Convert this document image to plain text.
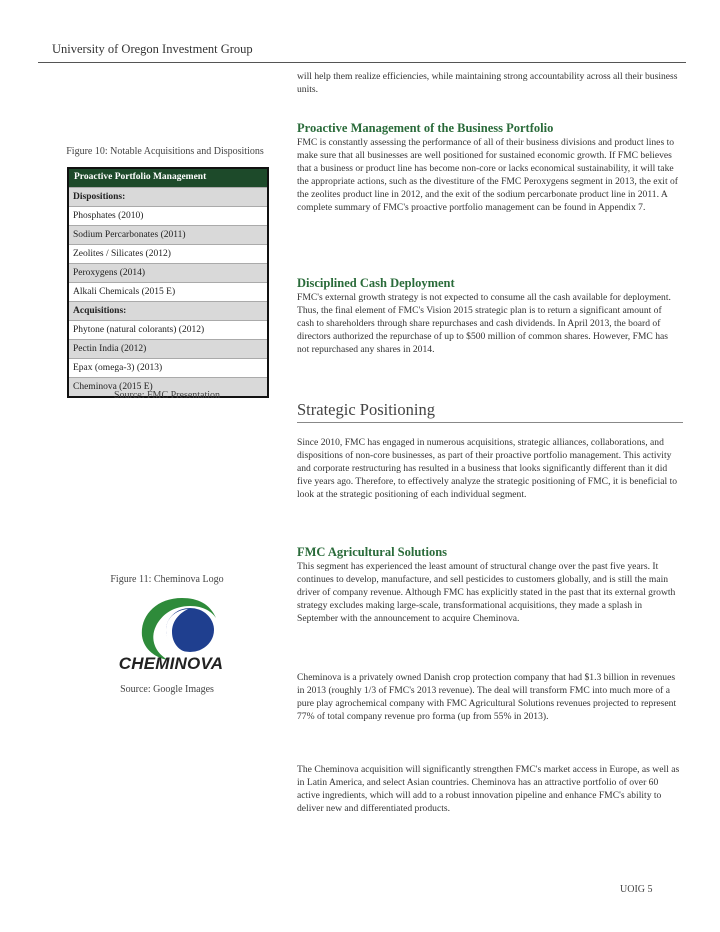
University of Oregon Investment Group
Figure 10: Notable Acquisitions and Dispositions
Proactive Portfolio Management
Dispositions:
Phosphates (2010)
Sodium Percarbonates (2011)
Zeolites / Silicates (2012)
Peroxygens (2014)
Alkali Chemicals (2015 E)
Acquisitions:
Phytone (natural colorants) (2012)
Pectin India (2012)
Epax (omega-3) (2013)
Cheminova (2015 E)
Source: FMC Presentation
Figure 11: Cheminova Logo
CHEMINOVA
Source: Google Images

will help them realize efficiencies, while maintaining strong accountability across all their business units.

Proactive Management of the Business Portfolio

FMC is constantly assessing the performance of all of their business divisions and product lines to make sure that all businesses are well positioned for sustained economic growth. If FMC believes that a business or product line has become non-core or lacks economical sustainability, it will take the appropriate actions, such as the divestiture of the FMC Peroxygens segment in 2013, the exit of the zeolites product line in 2012, and the exit of the sodium percarbonate product line in 2011. A complete summary of FMC's proactive portfolio management can be found in Appendix 7.

Disciplined Cash Deployment

FMC's external growth strategy is not expected to consume all the cash available for deployment. Thus, the final element of FMC's Vision 2015 strategic plan is to return a significant amount of cash to shareholders through share repurchases and cash dividends. In April 2013, the board of directors authorized the repurchase of up to $500 million of common shares. However, FMC has not repurchased any shares in 2014.

Strategic Positioning

Since 2010, FMC has engaged in numerous acquisitions, strategic alliances, collaborations, and dispositions of non-core businesses, as part of their proactive portfolio management. This activity and corporate restructuring has resulted in a business that looks significantly different than it did five years ago. Therefore, to effectively analyze the strategic positioning of FMC, it is beneficial to look at the strategic positioning of each individual segment.

FMC Agricultural Solutions

This segment has experienced the least amount of structural change over the past five years. It continues to develop, manufacture, and sell pesticides to customers globally, and is still the main driver of company revenue. Although FMC has explicitly stated in the past that its external growth strategy excludes making large-scale, transformational acquisitions, they made a splash in September with the announcement to acquire Cheminova.

Cheminova is a privately owned Danish crop protection company that had $1.3 billion in revenues in 2013 (roughly 1/3 of FMC's 2013 revenue). The deal will transform FMC into much more of a pure play agrochemical company with FMC Agricultural Solutions revenues projected to represent 77% of total company revenue pro forma (up from 55% in 2013).

The Cheminova acquisition will significantly strengthen FMC's market access in Europe, as well as in Latin America, and select Asian countries. Cheminova has an attractive portfolio of over 60 active ingredients, which will add to a robust innovation pipeline and enhance FMC's ability to deliver new and differentiated products.

UOIG 5
